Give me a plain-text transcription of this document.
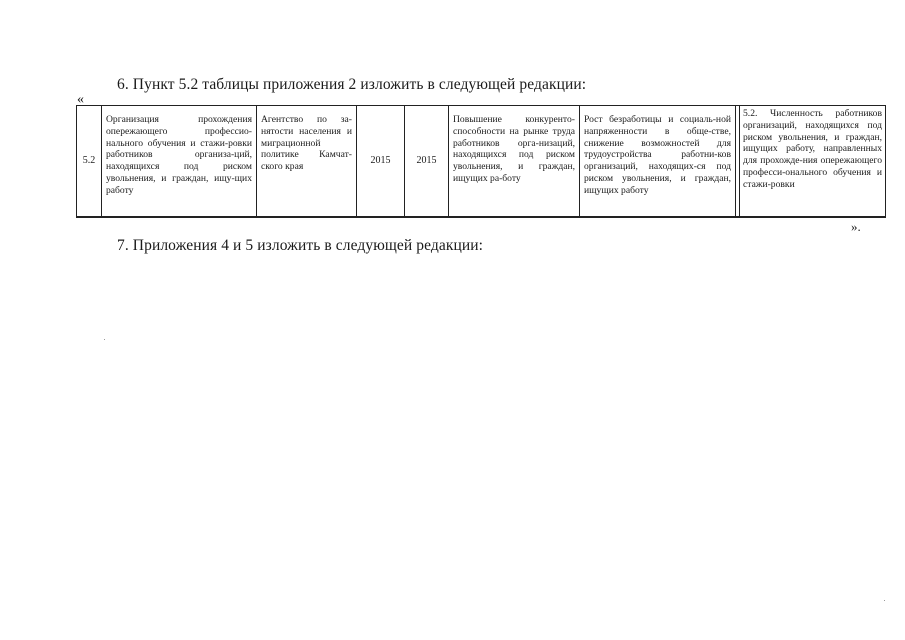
6. Пункт 5.2 таблицы приложения 2 изложить в следующей редакции:
«
5.2	Организация прохождения опережающего профессио-нального обучения и стажи-ровки работников организа-ций, находящихся под риском увольнения, и граждан, ищу-щих работу	Агентство по за-нятости населения и миграционной политике Камчат-ского края	2015	2015	Повышение конкуренто-способности на рынке труда работников орга-низаций, находящихся под риском увольнения, и граждан, ищущих ра-боту	Рост безработицы и социаль-ной напряженности в обще-стве, снижение возможностей для трудоустройства работни-ков организаций, находящих-ся под риском увольнения, и граждан, ищущих работу		5.2. Численность работников организаций, находящихся под риском увольнения, и граждан, ищущих работу, направленных для прохожде-ния опережающего професси-онального обучения и стажи-ровки
».
7. Приложения 4 и 5 изложить в следующей редакции:
